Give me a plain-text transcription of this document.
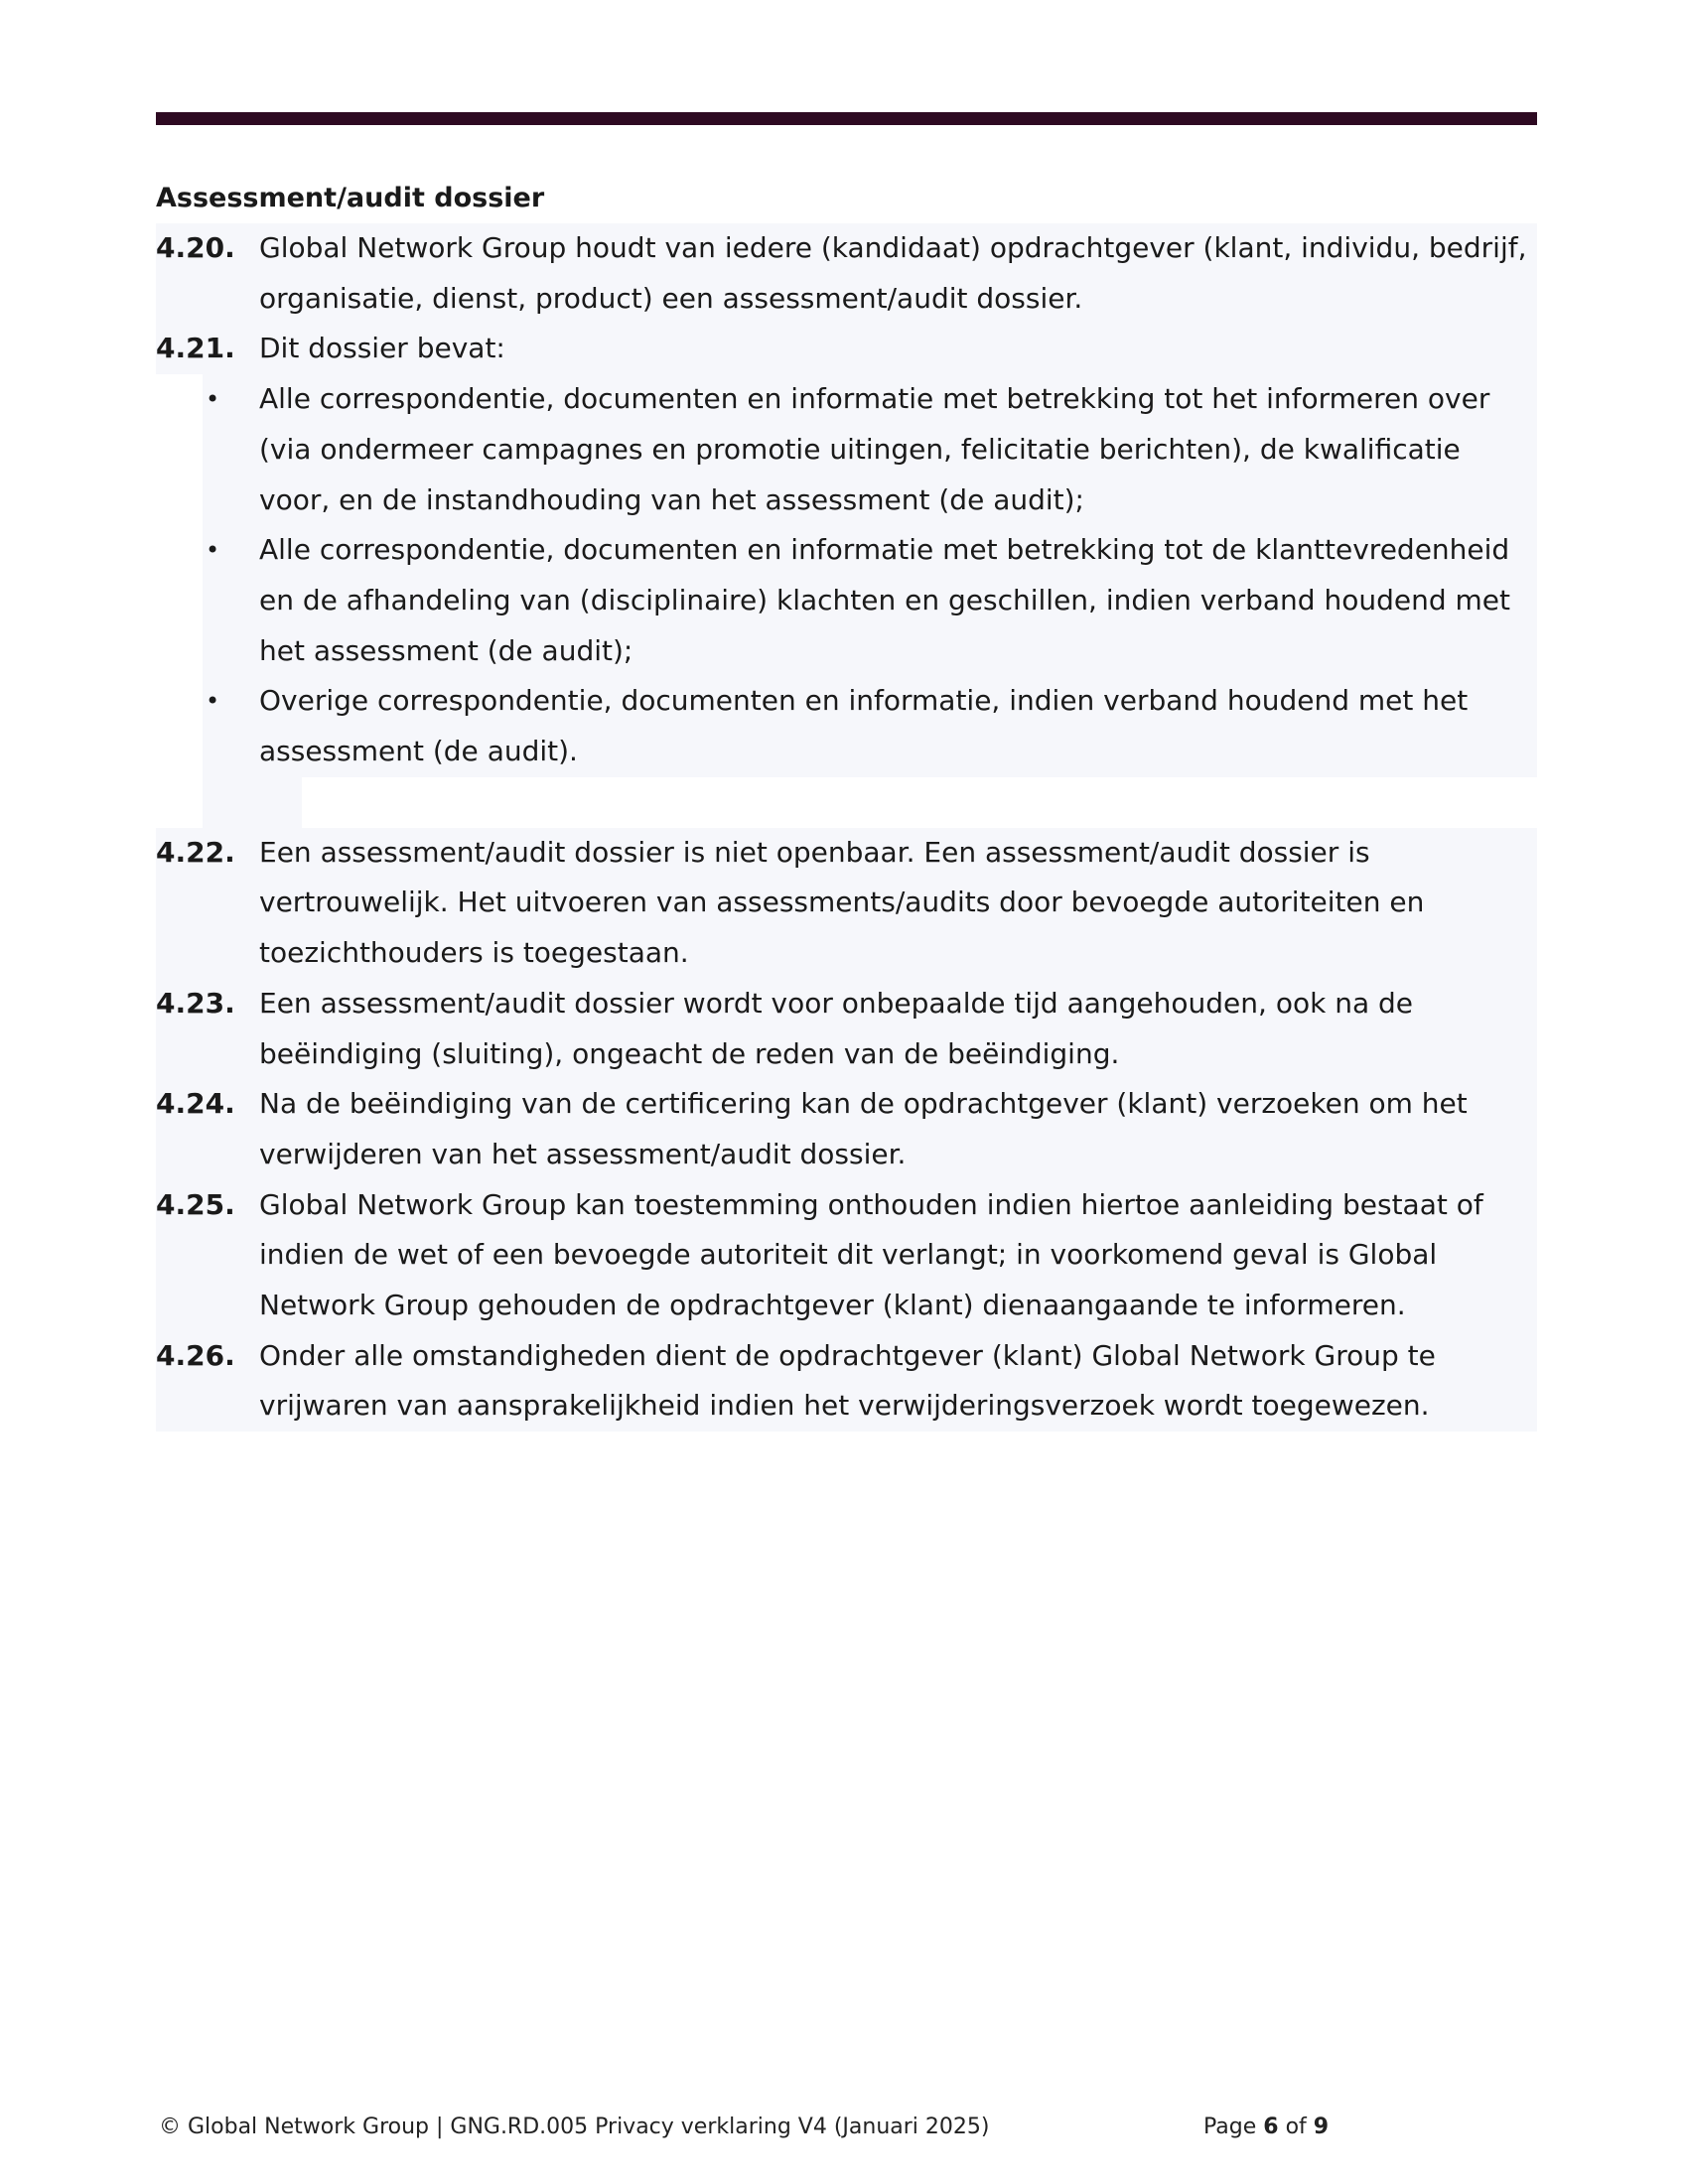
Assessment/audit dossier
4.20. Global Network Group houdt van iedere (kandidaat) opdrachtgever (klant, individu, bedrijf, organisatie, dienst, product) een assessment/audit dossier.
4.21. Dit dossier bevat:
• Alle correspondentie, documenten en informatie met betrekking tot het informeren over (via ondermeer campagnes en promotie uitingen, felicitatie berichten), de kwalificatie voor, en de instandhouding van het assessment (de audit);
• Alle correspondentie, documenten en informatie met betrekking tot de klanttevredenheid en de afhandeling van (disciplinaire) klachten en geschillen, indien verband houdend met het assessment (de audit);
• Overige correspondentie, documenten en informatie, indien verband houdend met het assessment (de audit).
4.22. Een assessment/audit dossier is niet openbaar. Een assessment/audit dossier is vertrouwelijk. Het uitvoeren van assessments/audits door bevoegde autoriteiten en toezichthouders is toegestaan.
4.23. Een assessment/audit dossier wordt voor onbepaalde tijd aangehouden, ook na de beëindiging (sluiting), ongeacht de reden van de beëindiging.
4.24. Na de beëindiging van de certificering kan de opdrachtgever (klant) verzoeken om het verwijderen van het assessment/audit dossier.
4.25. Global Network Group kan toestemming onthouden indien hiertoe aanleiding bestaat of indien de wet of een bevoegde autoriteit dit verlangt; in voorkomend geval is Global Network Group gehouden de opdrachtgever (klant) dienaangaande te informeren.
4.26. Onder alle omstandigheden dient de opdrachtgever (klant) Global Network Group te vrijwaren van aansprakelijkheid indien het verwijderingsverzoek wordt toegewezen.
© Global Network Group | GNG.RD.005 Privacy verklaring V4 (Januari 2025)	Page 6 of 9
